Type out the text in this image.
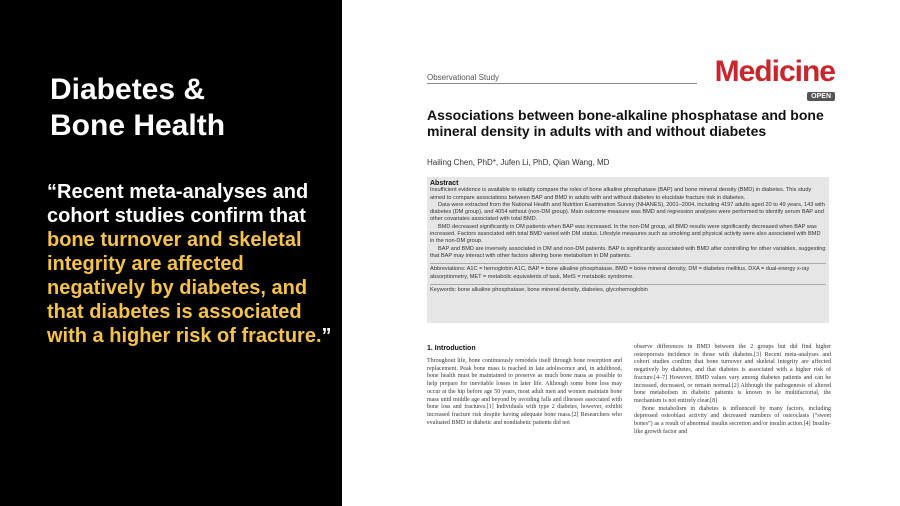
Diabetes &
Bone Health
“Recent meta-analyses and cohort studies confirm that bone turnover and skeletal integrity are affected negatively by diabetes, and that diabetes is associated with a higher risk of fracture.”
Observational Study	Medicine
OPEN
Associations between bone-alkaline phosphatase and bone mineral density in adults with and without diabetes
Hailing Chen, PhD*, Jufen Li, PhD, Qian Wang, MD
Abstract

Insufficient evidence is available to reliably compare the roles of bone alkaline phosphatase (BAP) and bone mineral density (BMD) in diabetes. This study aimed to compare associations between BAP and BMD in adults with and without diabetes to elucidate fracture risk in diabetes.

Data were extracted from the National Health and Nutrition Examination Survey (NHANES), 2001–2004, including 4197 adults aged 20 to 49 years, 143 with diabetes (DM group), and 4054 without (non-DM group). Main outcome measure was BMD and regression analyses were performed to identify serum BAP and other covariates associated with total BMD.

BMD decreased significantly in DM patients when BAP was increased. In the non-DM group, all BMD results were significantly decreased when BAP was increased. Factors associated with total BMD varied with DM status. Lifestyle measures such as smoking and physical activity were also associated with BMD in the non-DM group.

BAP and BMD are inversely associated in DM and non-DM patients. BAP is significantly associated with BMD after controlling for other variables, suggesting that BAP may interact with other factors altering bone metabolism in DM patients.

Abbreviations: A1C = hemoglobin A1C, BAP = bone alkaline phosphatase, BMD = bone mineral density, DM = diabetes mellitus, DXA = dual-energy x-ray absorptiometry, MET = metabolic equivalents of task, MetS = metabolic syndrome.

Keywords: bone alkaline phosphatase, bone mineral density, diabetes, glycohemoglobin

1. Introduction

Throughout life, bone continuously remodels itself through bone resorption and replacement. Peak bone mass is reached in late adolescence and, in adulthood, bone health must be maintained to preserve as much bone mass as possible to help prepare for inevitable losses in later life. Although some bone loss may occur at the hip before age 50 years, most adult men and women maintain bone mass until middle age and beyond by avoiding falls and illnesses associated with bone loss and fractures.[1] Individuals with type 2 diabetes, however, exhibit increased fracture risk despite having adequate bone mass.[2] Researchers who evaluated BMD in diabetic and nondiabetic patients did not

observe differences in BMD between the 2 groups but did find higher osteoporosis incidence in those with diabetes.[3] Recent meta-analyses and cohort studies confirm that bone turnover and skeletal integrity are affected negatively by diabetes, and that diabetes is associated with a higher risk of fracture.[4–7] However, BMD values vary among diabetes patients and can be increased, decreased, or remain normal.[2] Although the pathogenesis of altered bone metabolism in diabetic patients is known to be multifactorial, the mechanism is not entirely clear.[8]

Bone metabolism in diabetes is influenced by many factors, including depressed osteoblast activity and decreased numbers of osteoclasts (“sweet bones”) as a result of abnormal insulin secretion and/or insulin action.[4] Insulin-like growth factor and
